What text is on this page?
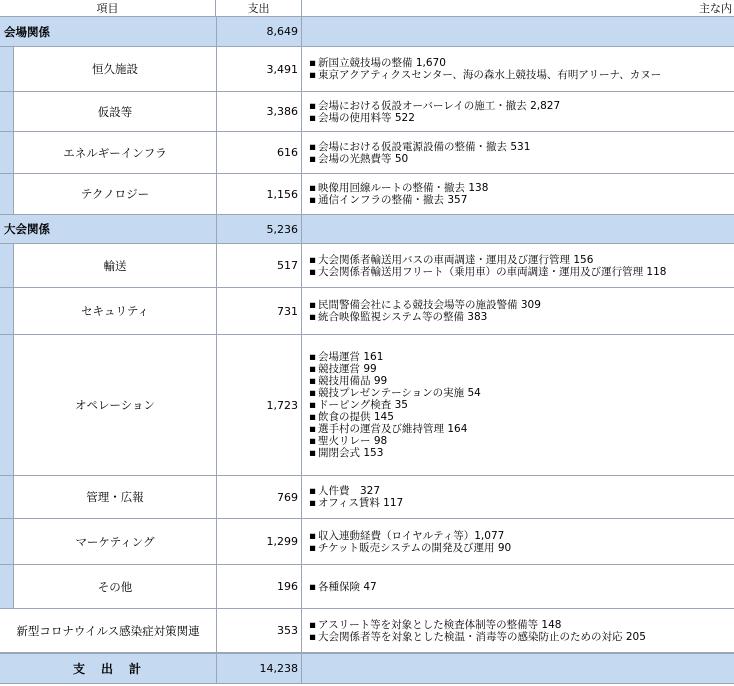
項目	支出	主な内
会場関係	8,649
恒久施設	3,491	▪ 新国立競技場の整備 1,670
▪ 東京アクアティクスセンター、海の森水上競技場、有明アリーナ、カヌー
仮設等	3,386	▪ 会場における仮設オーバーレイの施工・撤去 2,827
▪ 会場の使用料等 522
エネルギーインフラ	616	▪ 会場における仮設電源設備の整備・撤去 531
▪ 会場の光熱費等 50
テクノロジー	1,156	▪ 映像用回線ルートの整備・撤去 138
▪ 通信インフラの整備・撤去 357
大会関係	5,236
輸送	517	▪ 大会関係者輸送用バスの車両調達・運用及び運行管理 156
▪ 大会関係者輸送用フリート（乗用車）の車両調達・運用及び運行管理 118
セキュリティ	731	▪ 民間警備会社による競技会場等の施設警備 309
▪ 統合映像監視システム等の整備 383
オペレーション	1,723
▪ 会場運営 161
▪ 競技運営 99
▪ 競技用備品 99
▪ 競技プレゼンテーションの実施 54
▪ ドーピング検査 35
▪ 飲食の提供 145
▪ 選手村の運営及び維持管理 164
▪ 聖火リレー 98
▪ 開閉会式 153
管理・広報	769	▪ 人件費　327
▪ オフィス賃料 117
マーケティング	1,299	▪ 収入連動経費（ロイヤルティ等）1,077
▪ チケット販売システムの開発及び運用 90
その他	196	▪ 各種保険 47
新型コロナウイルス感染症対策関連	353	▪ アスリート等を対象とした検査体制等の整備等 148
▪ 大会関係者等を対象とした検温・消毒等の感染防止のための対応 205
支　出　計	14,238
